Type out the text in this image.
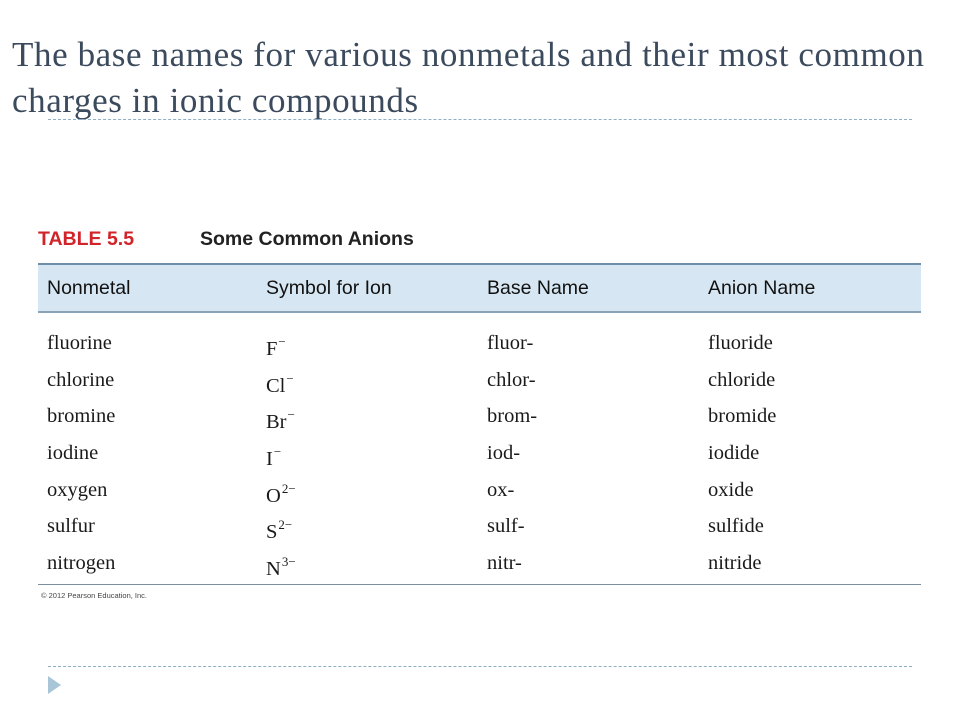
The base names for various nonmetals and their most common charges in ionic compounds
TABLE 5.5	Some Common Anions
Nonmetal	Symbol for Ion	Base Name	Anion Name
fluorine	F−	fluor-	fluoride
chlorine	Cl−	chlor-	chloride
bromine	Br−	brom-	bromide
iodine	I−	iod-	iodide
oxygen	$O^{2-}$	ox-	oxide
sulfur	$S^{2-}$	sulf-	sulfide
nitrogen	$N^{3-}$	nitr-	nitride
© 2012 Pearson Education, Inc.
